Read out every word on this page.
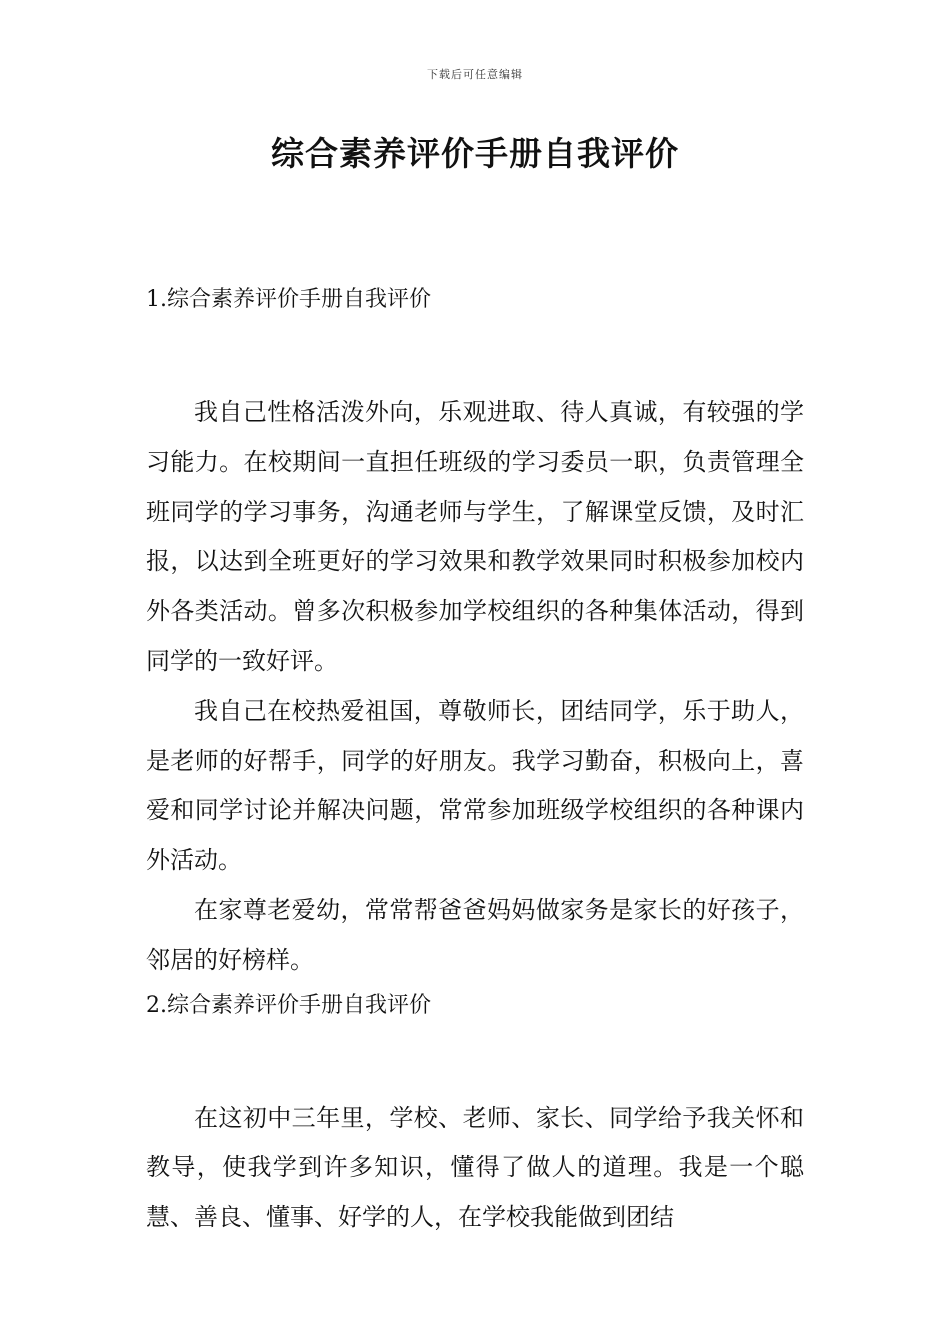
下载后可任意编辑
综合素养评价手册自我评价

1.综合素养评价手册自我评价

我自己性格活泼外向，乐观进取、待人真诚，有较强的学习能力。在校期间一直担任班级的学习委员一职，负责管理全班同学的学习事务，沟通老师与学生，了解课堂反馈，及时汇报，以达到全班更好的学习效果和教学效果同时积极参加校内外各类活动。曾多次积极参加学校组织的各种集体活动，得到同学的一致好评。

我自己在校热爱祖国，尊敬师长，团结同学，乐于助人，是老师的好帮手，同学的好朋友。我学习勤奋，积极向上，喜爱和同学讨论并解决问题，常常参加班级学校组织的各种课内外活动。

在家尊老爱幼，常常帮爸爸妈妈做家务是家长的好孩子，邻居的好榜样。

2.综合素养评价手册自我评价

在这初中三年里，学校、老师、家长、同学给予我关怀和教导，使我学到许多知识，懂得了做人的道理。我是一个聪慧、善良、懂事、好学的人，在学校我能做到团结
